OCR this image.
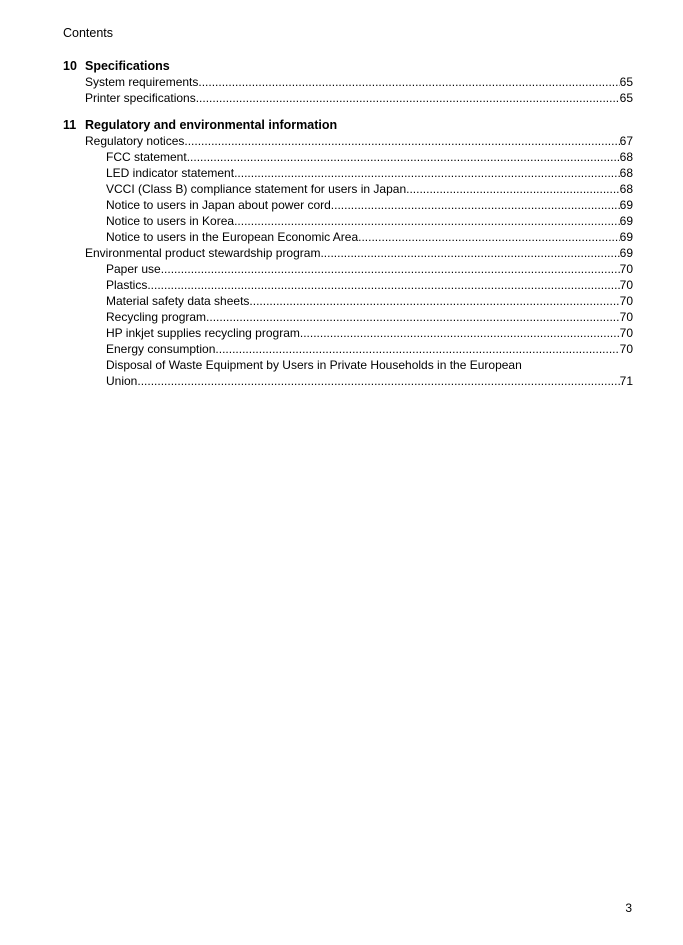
Contents
10 Specifications
System requirements .....	65
Printer specifications .....	65
11 Regulatory and environmental information
Regulatory notices .....	67
FCC statement .....	68
LED indicator statement .....	68
VCCI (Class B) compliance statement for users in Japan .....	68
Notice to users in Japan about power cord .....	69
Notice to users in Korea .....	69
Notice to users in the European Economic Area .....	69
Environmental product stewardship program .....	69
Paper use .....	70
Plastics .....	70
Material safety data sheets .....	70
Recycling program .....	70
HP inkjet supplies recycling program .....	70
Energy consumption .....	70
Disposal of Waste Equipment by Users in Private Households in the European
Union .....	71
3
